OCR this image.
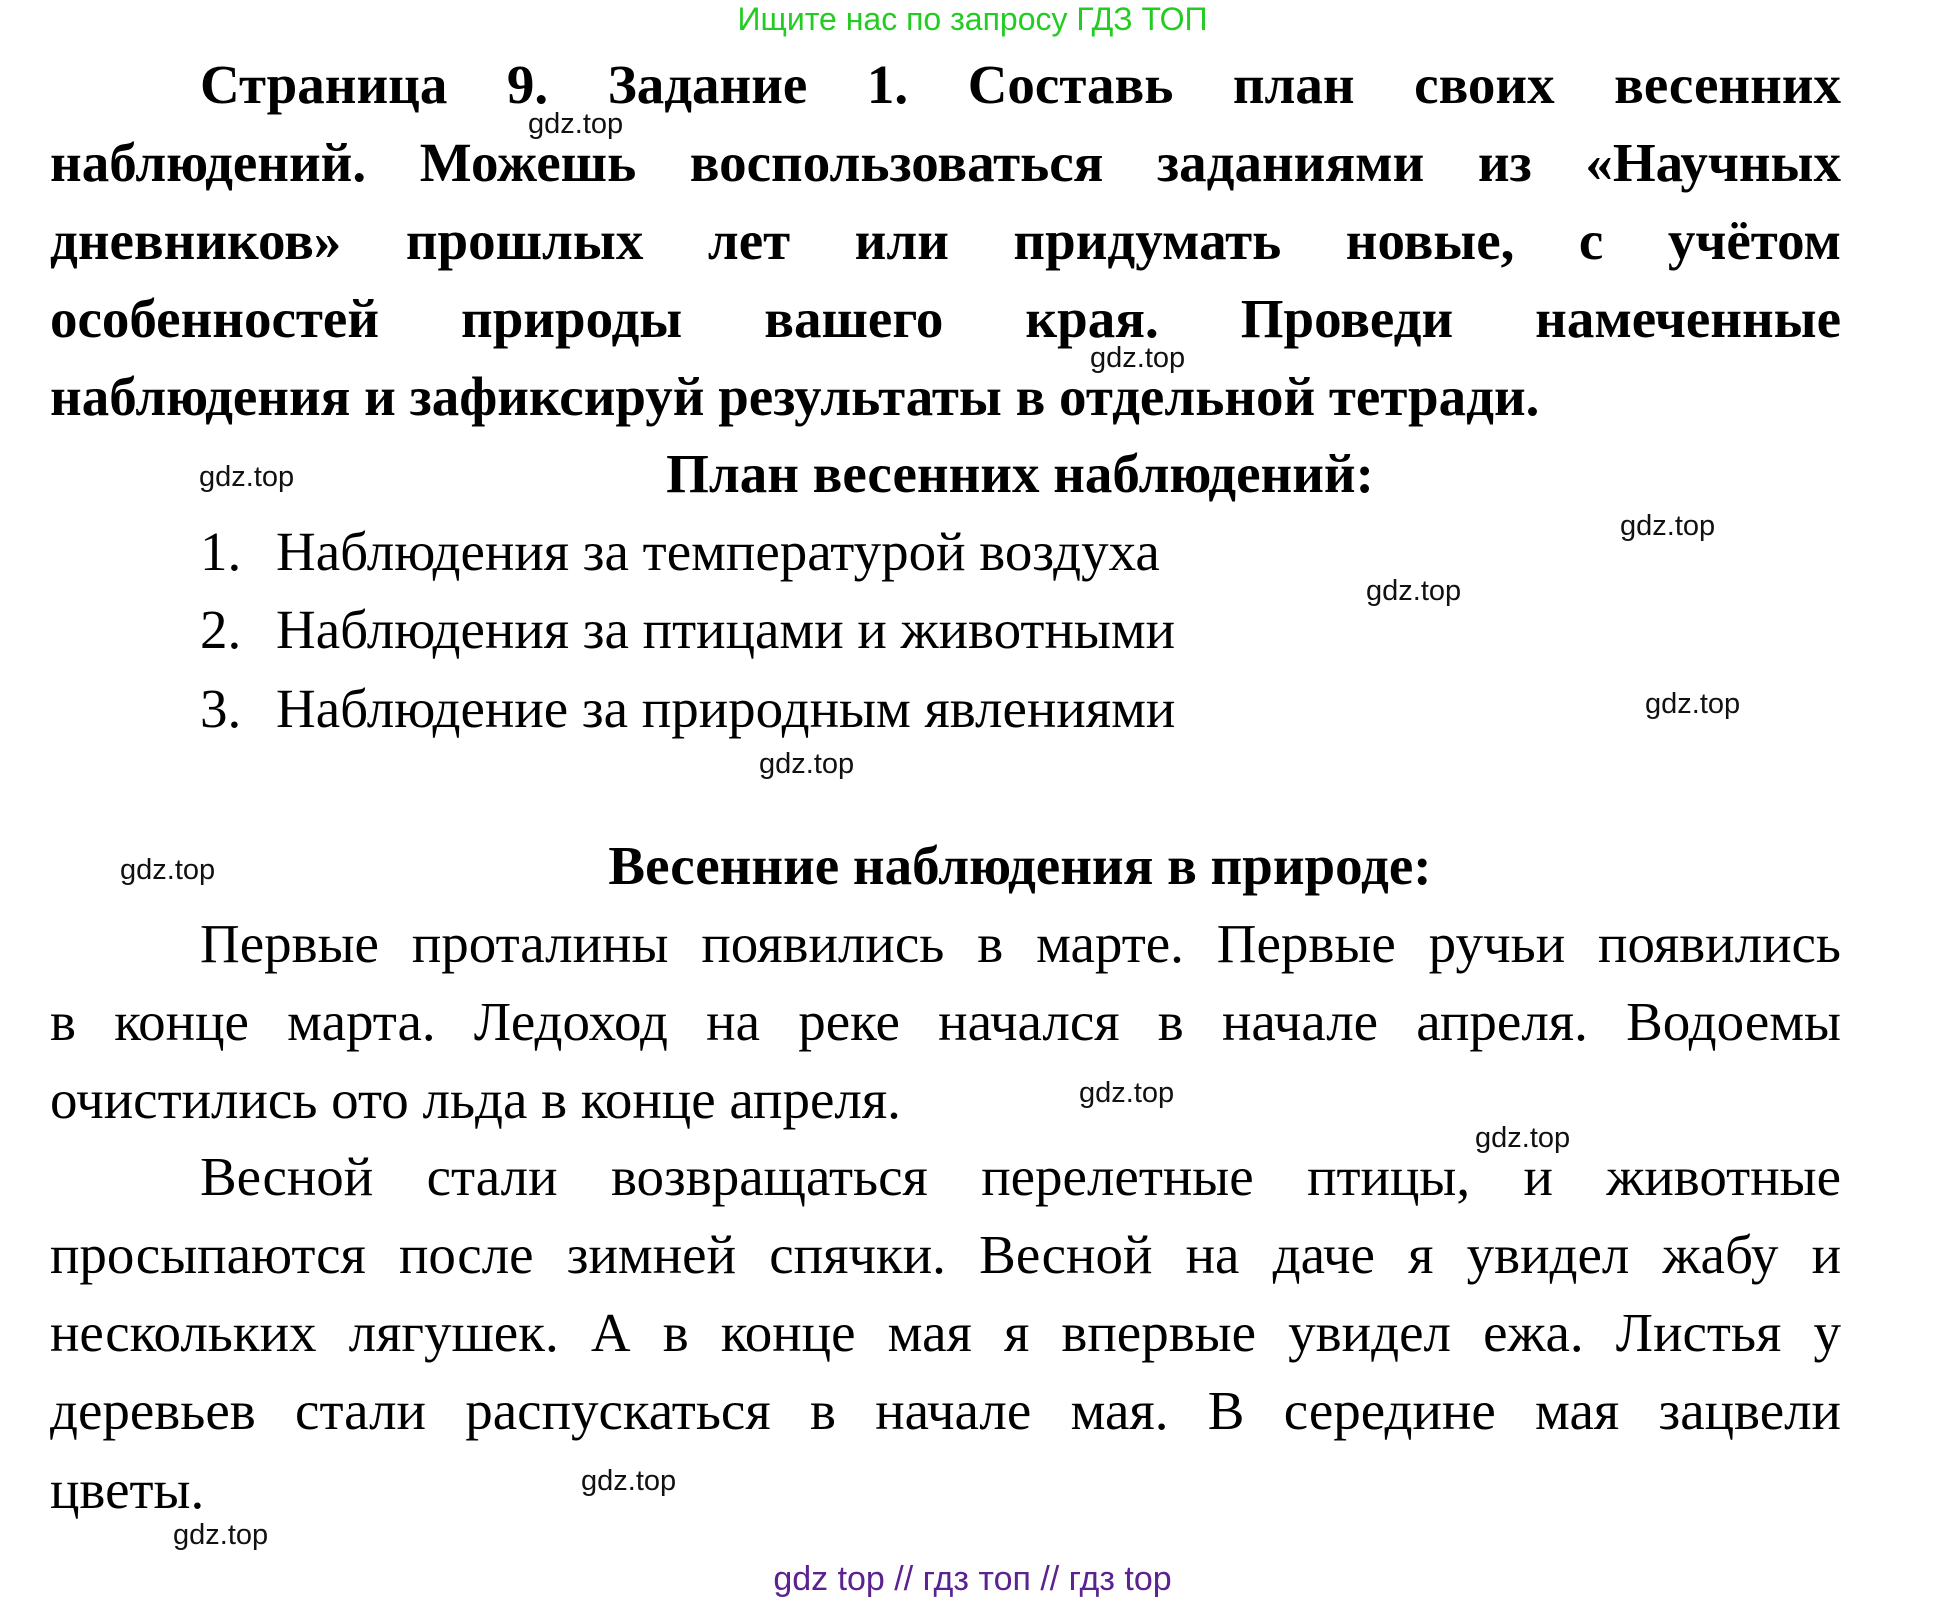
Ищите нас по запросу ГДЗ ТОП
Страница 9. Задание 1. Составь план своих весенних
наблюдений. Можешь воспользоваться заданиями из «Научных
дневников» прошлых лет или придумать новые, с учётом
особенностей природы вашего края. Проведи намеченные
наблюдения и зафиксируй результаты в отдельной тетради.
План весенних наблюдений:
1. Наблюдения за температурой воздуха
2. Наблюдения за птицами и животными
3. Наблюдение за природным явлениями
Весенние наблюдения в природе:
Первые проталины появились в марте. Первые ручьи появились
в конце марта. Ледоход на реке начался в начале апреля. Водоемы
очистились ото льда в конце апреля.
Весной стали возвращаться перелетные птицы, и животные
просыпаются после зимней спячки. Весной на даче я увидел жабу и
нескольких лягушек. А в конце мая я впервые увидел ежа. Листья у
деревьев стали распускаться в начале мая. В середине мая зацвели
цветы.
gdz.top
gdz.top
gdz.top
gdz.top
gdz.top
gdz.top
gdz.top
gdz.top
gdz.top
gdz.top
gdz.top
gdz.top
gdz top // гдз топ // гдз top
